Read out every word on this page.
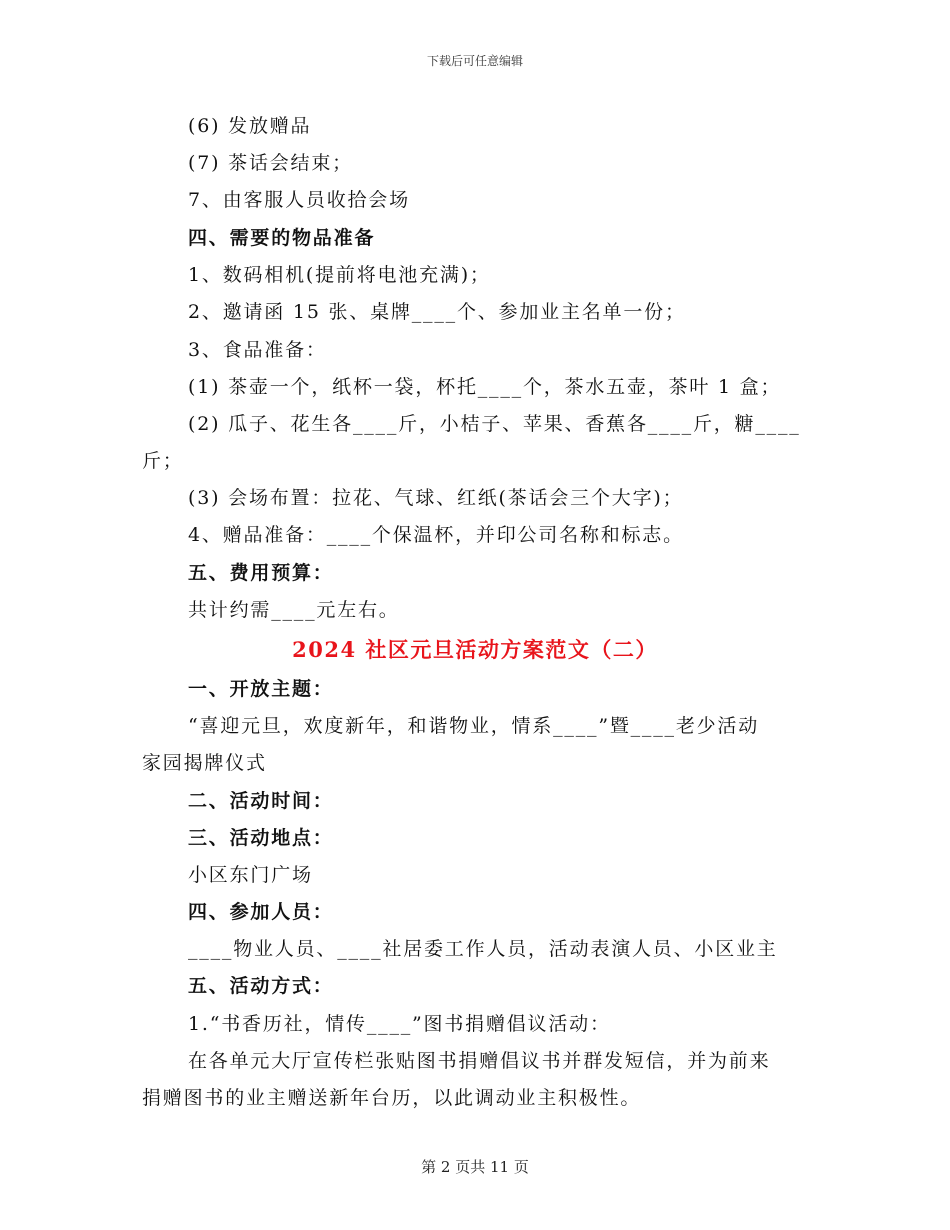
下载后可任意编辑
(6) 发放赠品
(7) 茶话会结束；
7、由客服人员收拾会场
四、需要的物品准备
1、数码相机(提前将电池充满)；
2、邀请函 15 张、桌牌____个、参加业主名单一份；
3、食品准备：
(1) 茶壶一个，纸杯一袋，杯托____个，茶水五壶，茶叶 1 盒；
(2) 瓜子、花生各____斤，小桔子、苹果、香蕉各____斤，糖____
斤；
(3) 会场布置：拉花、气球、红纸(茶话会三个大字)；
4、赠品准备：____个保温杯，并印公司名称和标志。
五、费用预算：
共计约需____元左右。
2024 社区元旦活动方案范文（二）
一、开放主题：
“喜迎元旦，欢度新年，和谐物业，情系____”暨____老少活动
家园揭牌仪式
二、活动时间：
三、活动地点：
小区东门广场
四、参加人员：
____物业人员、____社居委工作人员，活动表演人员、小区业主
五、活动方式：
1.“书香历社，情传____”图书捐赠倡议活动：
在各单元大厅宣传栏张贴图书捐赠倡议书并群发短信，并为前来
捐赠图书的业主赠送新年台历，以此调动业主积极性。
第 2 页共 11 页
